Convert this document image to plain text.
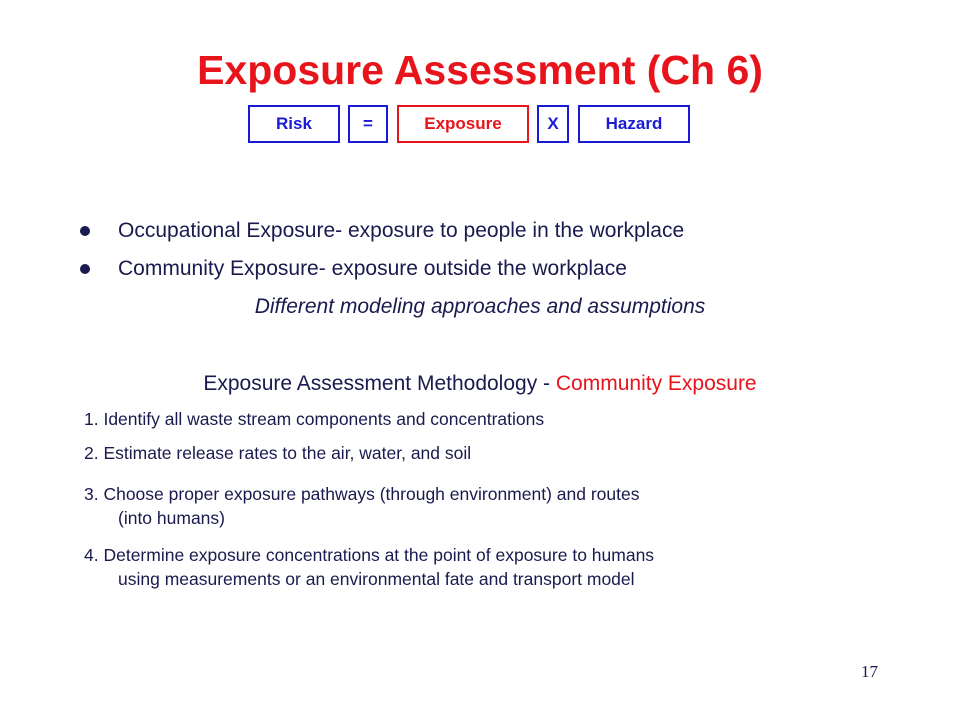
Exposure Assessment (Ch 6)
Risk	=	Exposure	X	Hazard
Occupational Exposure- exposure to people in the workplace
Community Exposure- exposure outside the workplace
Different modeling approaches and assumptions
Exposure Assessment Methodology - Community Exposure
1. Identify all waste stream components and concentrations
2. Estimate release rates to the air, water, and soil
3. Choose proper exposure pathways (through environment) and routes
(into humans)
4. Determine exposure concentrations at the point of exposure to humans
using measurements or an environmental fate and transport model
17
